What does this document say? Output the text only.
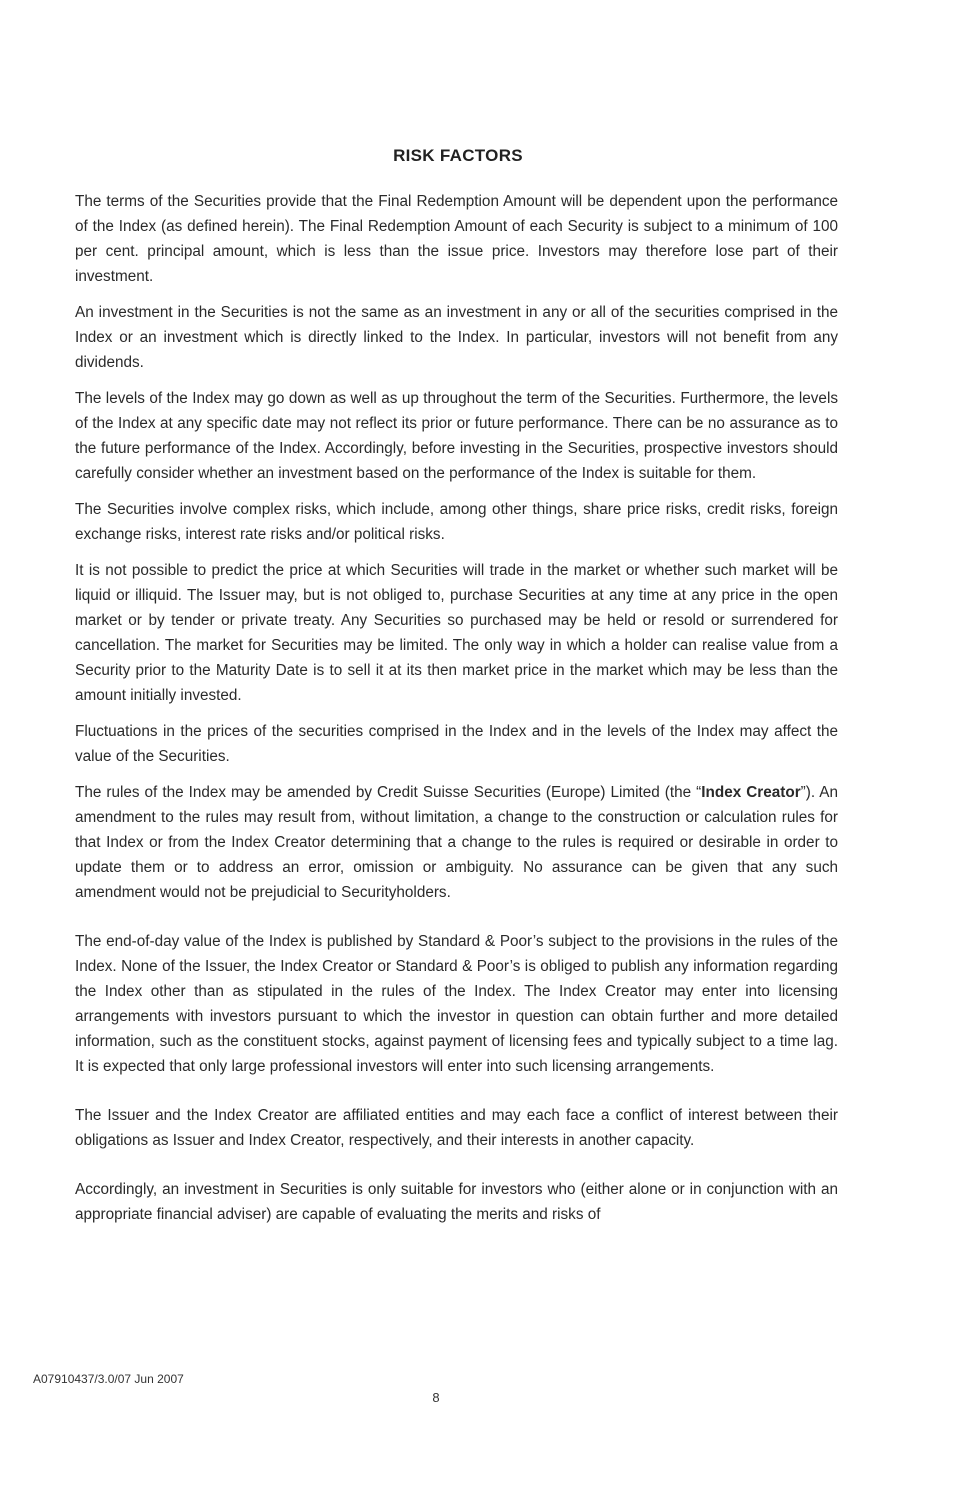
RISK FACTORS

The terms of the Securities provide that the Final Redemption Amount will be dependent upon the performance of the Index (as defined herein). The Final Redemption Amount of each Security is subject to a minimum of 100 per cent. principal amount, which is less than the issue price. Investors may therefore lose part of their investment.

An investment in the Securities is not the same as an investment in any or all of the securities comprised in the Index or an investment which is directly linked to the Index. In particular, investors will not benefit from any dividends.

The levels of the Index may go down as well as up throughout the term of the Securities. Furthermore, the levels of the Index at any specific date may not reflect its prior or future performance. There can be no assurance as to the future performance of the Index. Accordingly, before investing in the Securities, prospective investors should carefully consider whether an investment based on the performance of the Index is suitable for them.

The Securities involve complex risks, which include, among other things, share price risks, credit risks, foreign exchange risks, interest rate risks and/or political risks.

It is not possible to predict the price at which Securities will trade in the market or whether such market will be liquid or illiquid. The Issuer may, but is not obliged to, purchase Securities at any time at any price in the open market or by tender or private treaty. Any Securities so purchased may be held or resold or surrendered for cancellation. The market for Securities may be limited. The only way in which a holder can realise value from a Security prior to the Maturity Date is to sell it at its then market price in the market which may be less than the amount initially invested.

Fluctuations in the prices of the securities comprised in the Index and in the levels of the Index may affect the value of the Securities.

The rules of the Index may be amended by Credit Suisse Securities (Europe) Limited (the “Index Creator”). An amendment to the rules may result from, without limitation, a change to the construction or calculation rules for that Index or from the Index Creator determining that a change to the rules is required or desirable in order to update them or to address an error, omission or ambiguity. No assurance can be given that any such amendment would not be prejudicial to Securityholders.

The end-of-day value of the Index is published by Standard & Poor’s subject to the provisions in the rules of the Index. None of the Issuer, the Index Creator or Standard & Poor’s is obliged to publish any information regarding the Index other than as stipulated in the rules of the Index. The Index Creator may enter into licensing arrangements with investors pursuant to which the investor in question can obtain further and more detailed information, such as the constituent stocks, against payment of licensing fees and typically subject to a time lag. It is expected that only large professional investors will enter into such licensing arrangements.

The Issuer and the Index Creator are affiliated entities and may each face a conflict of interest between their obligations as Issuer and Index Creator, respectively, and their interests in another capacity.

Accordingly, an investment in Securities is only suitable for investors who (either alone or in conjunction with an appropriate financial adviser) are capable of evaluating the merits and risks of

A07910437/3.0/07 Jun 2007
8
